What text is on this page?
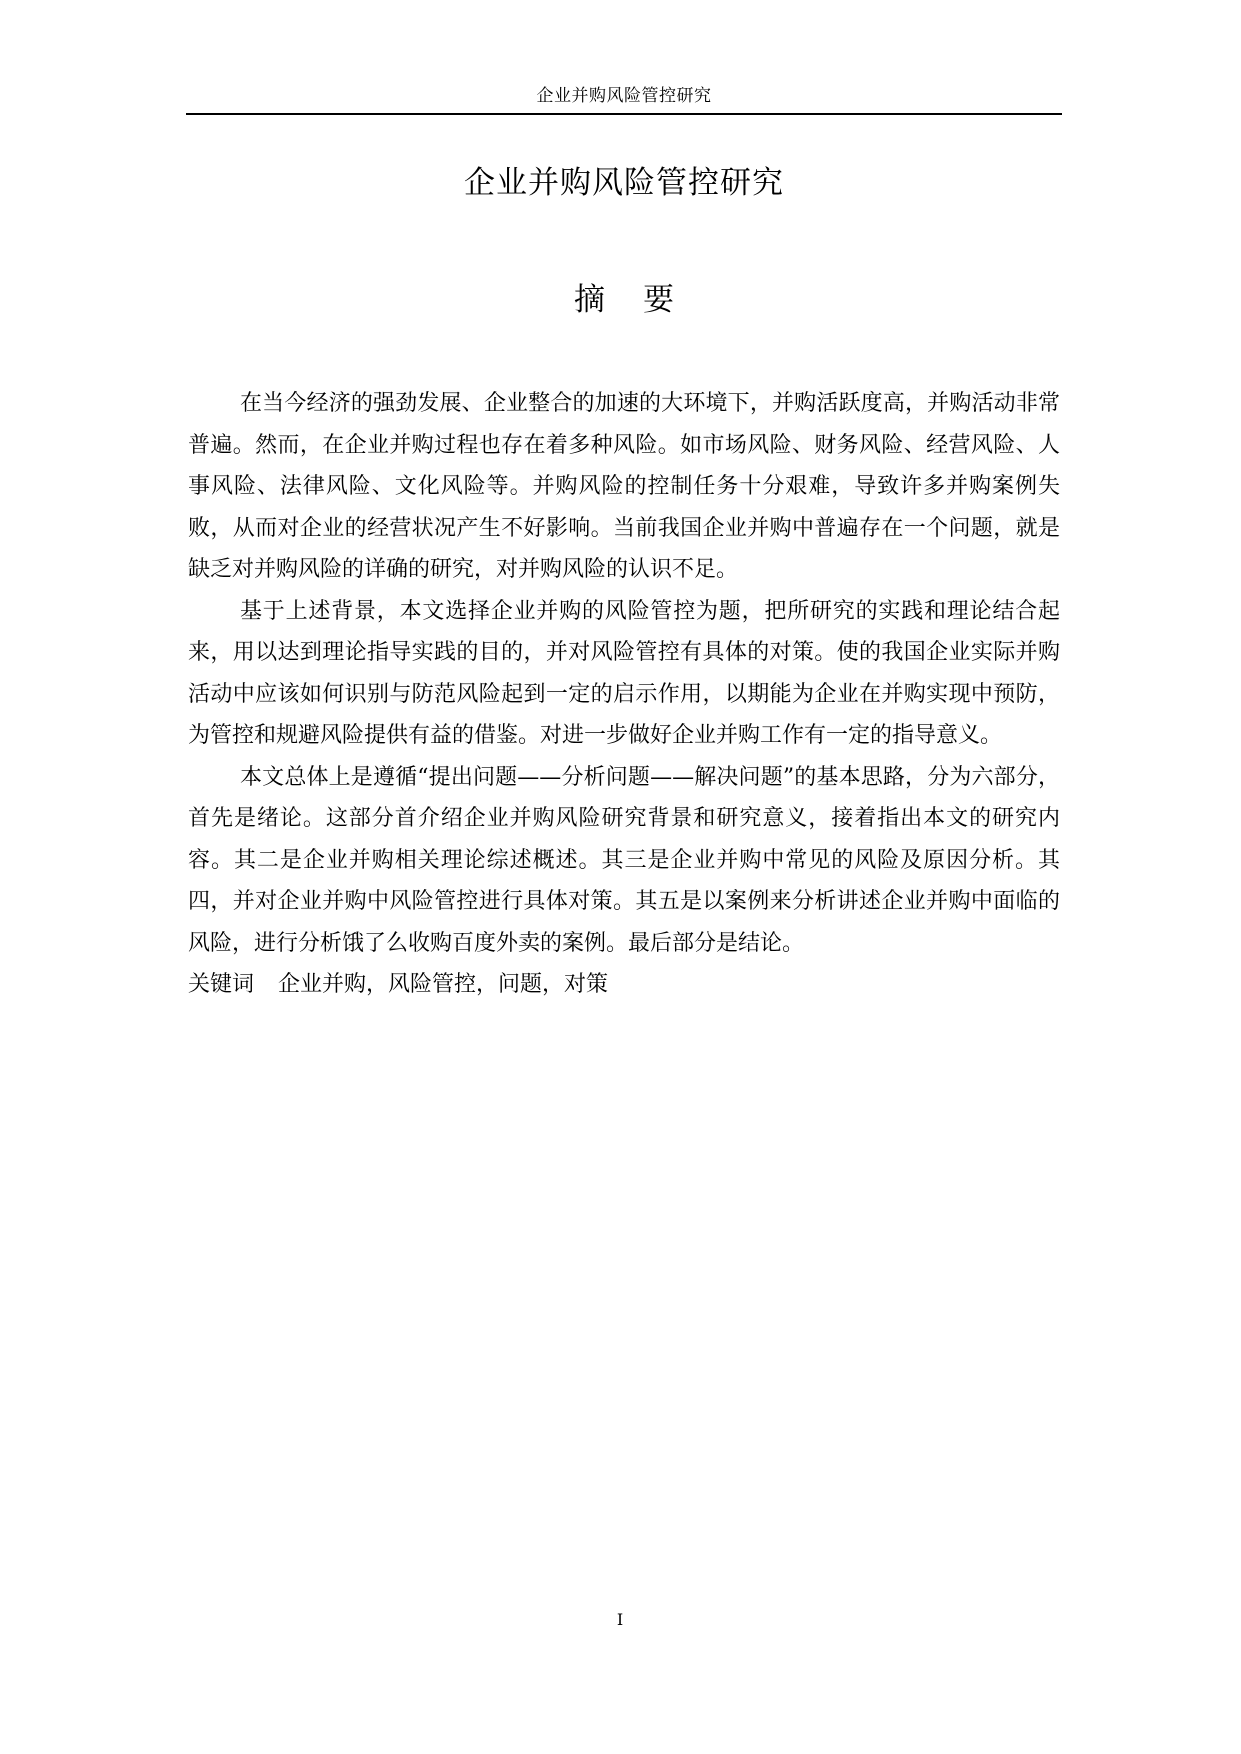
企业并购风险管控研究
企业并购风险管控研究
摘要

在当今经济的强劲发展、企业整合的加速的大环境下，并购活跃度高，并购活动非常普遍。然而，在企业并购过程也存在着多种风险。如市场风险、财务风险、经营风险、人事风险、法律风险、文化风险等。并购风险的控制任务十分艰难，导致许多并购案例失败，从而对企业的经营状况产生不好影响。当前我国企业并购中普遍存在一个问题，就是缺乏对并购风险的详确的研究，对并购风险的认识不足。

基于上述背景，本文选择企业并购的风险管控为题，把所研究的实践和理论结合起来，用以达到理论指导实践的目的，并对风险管控有具体的对策。使的我国企业实际并购活动中应该如何识别与防范风险起到一定的启示作用，以期能为企业在并购实现中预防，为管控和规避风险提供有益的借鉴。对进一步做好企业并购工作有一定的指导意义。

本文总体上是遵循“提出问题——分析问题——解决问题”的基本思路，分为六部分，首先是绪论。这部分首介绍企业并购风险研究背景和研究意义，接着指出本文的研究内容。其二是企业并购相关理论综述概述。其三是企业并购中常见的风险及原因分析。其四，并对企业并购中风险管控进行具体对策。其五是以案例来分析讲述企业并购中面临的风险，进行分析饿了么收购百度外卖的案例。最后部分是结论。

关键词 企业并购，风险管控，问题，对策

I
